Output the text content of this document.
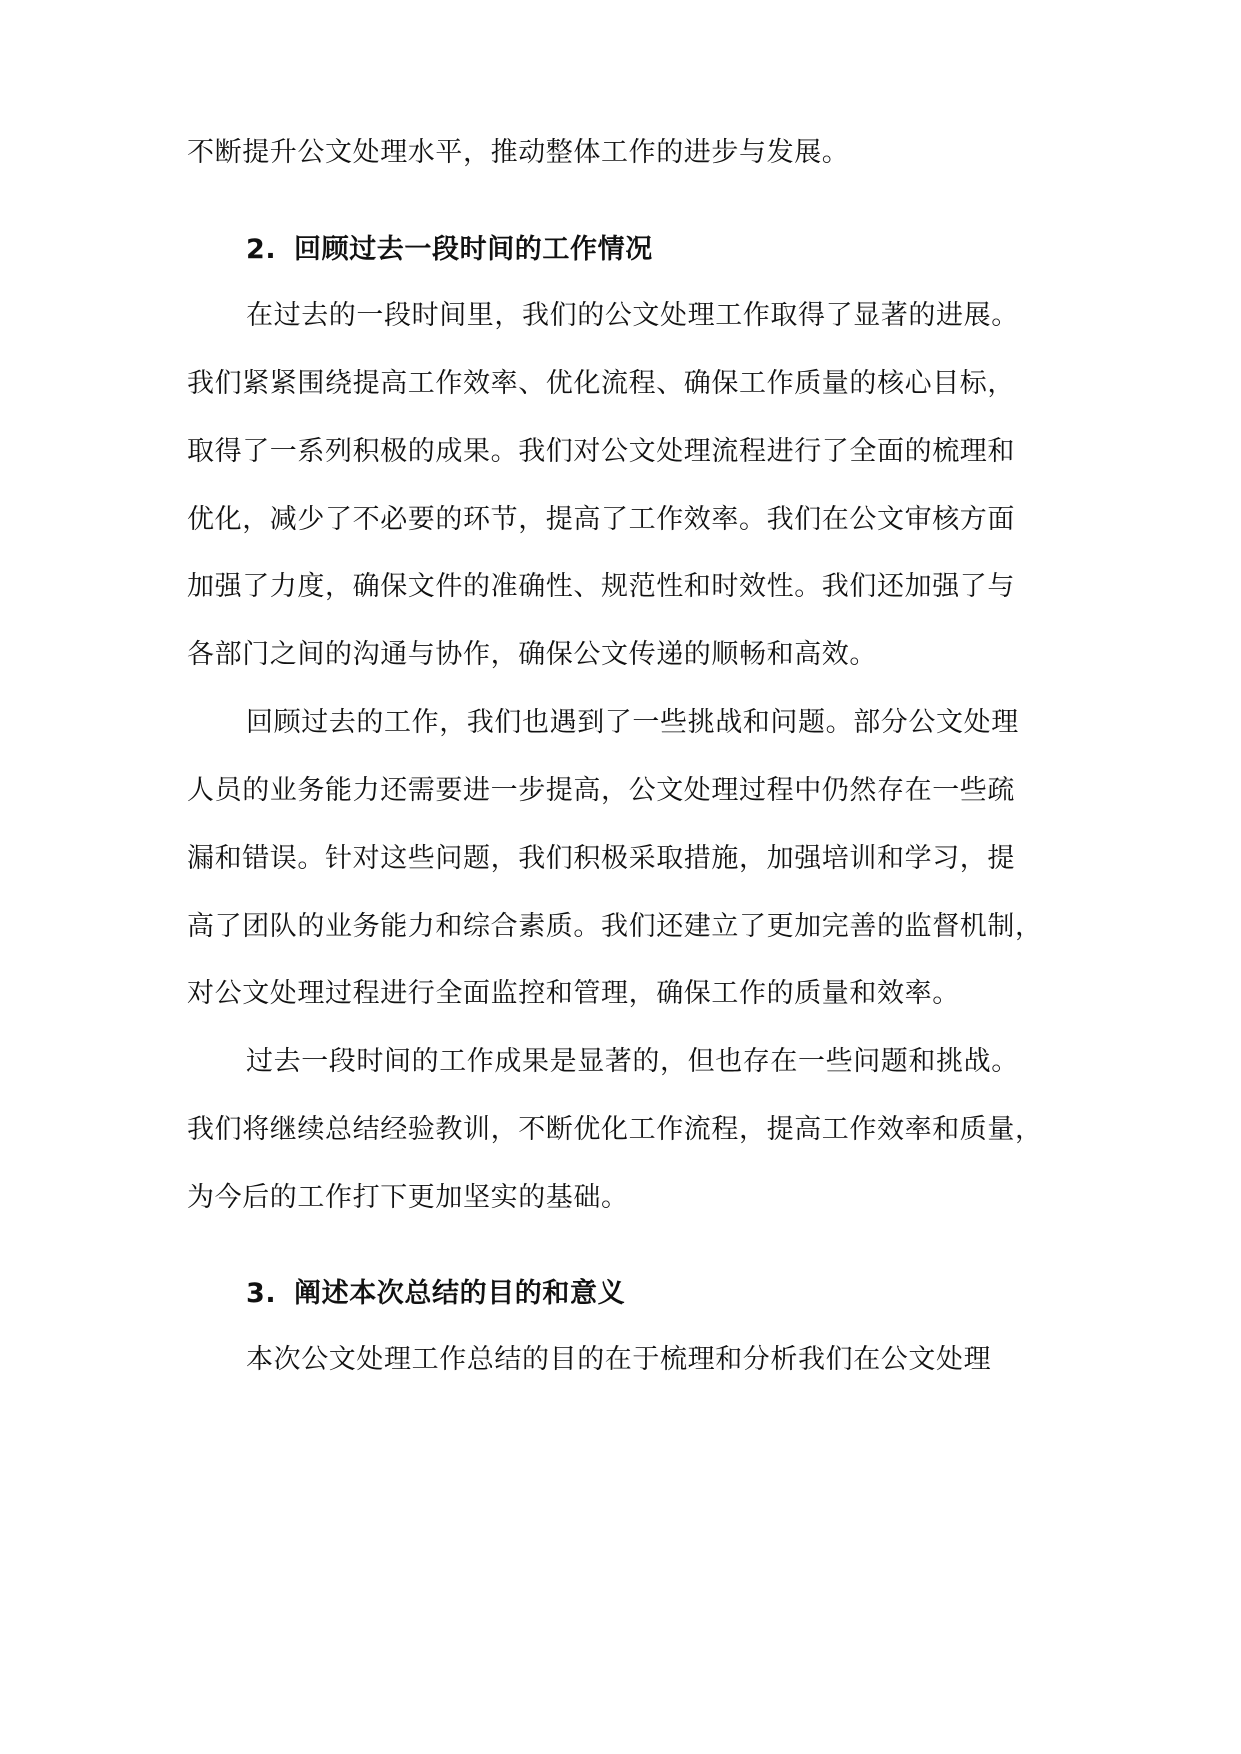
不断提升公文处理水平，推动整体工作的进步与发展。
2. 回顾过去一段时间的工作情况
在过去的一段时间里，我们的公文处理工作取得了显著的进展。
我们紧紧围绕提高工作效率、优化流程、确保工作质量的核心目标，
取得了一系列积极的成果。我们对公文处理流程进行了全面的梳理和
优化，减少了不必要的环节，提高了工作效率。我们在公文审核方面
加强了力度，确保文件的准确性、规范性和时效性。我们还加强了与
各部门之间的沟通与协作，确保公文传递的顺畅和高效。
回顾过去的工作，我们也遇到了一些挑战和问题。部分公文处理
人员的业务能力还需要进一步提高，公文处理过程中仍然存在一些疏
漏和错误。针对这些问题，我们积极采取措施，加强培训和学习，提
高了团队的业务能力和综合素质。我们还建立了更加完善的监督机制，
对公文处理过程进行全面监控和管理，确保工作的质量和效率。
过去一段时间的工作成果是显著的，但也存在一些问题和挑战。
我们将继续总结经验教训，不断优化工作流程，提高工作效率和质量，
为今后的工作打下更加坚实的基础。
3. 阐述本次总结的目的和意义
本次公文处理工作总结的目的在于梳理和分析我们在公文处理
